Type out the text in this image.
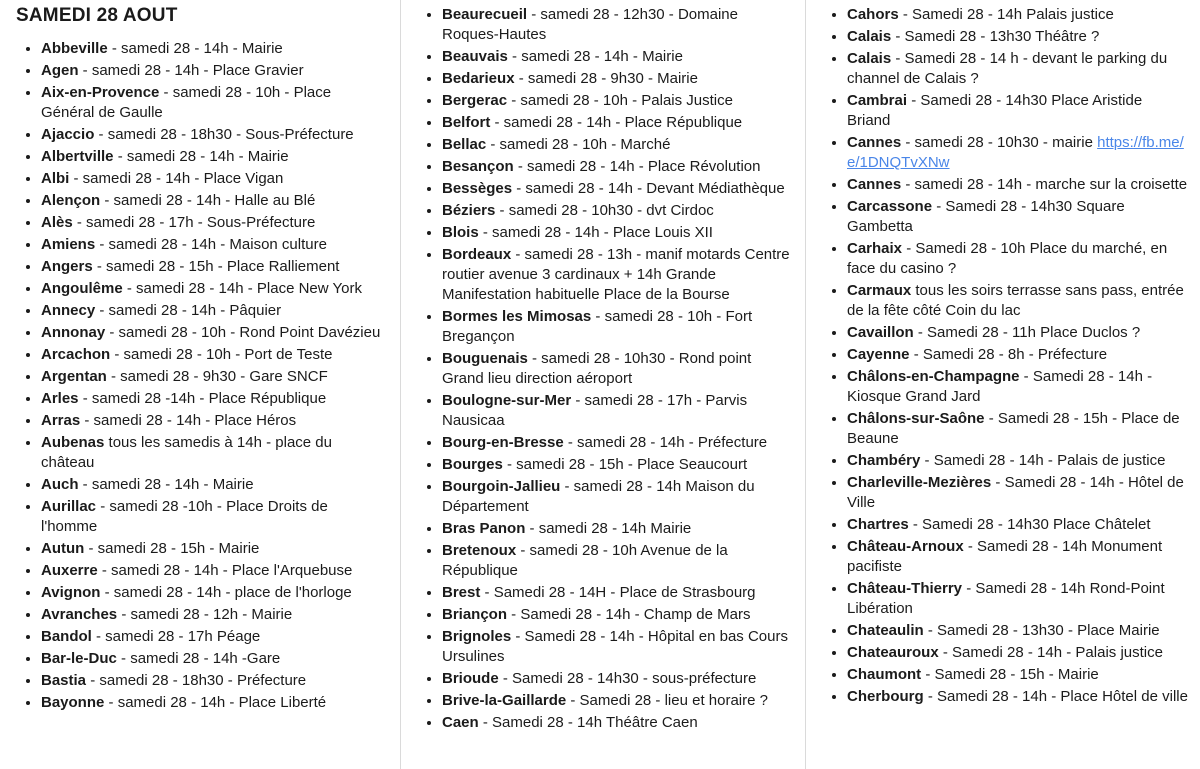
SAMEDI 28 AOUT
• Abbeville - samedi 28 - 14h - Mairie
• Agen - samedi 28 - 14h - Place Gravier
• Aix-en-Provence - samedi 28 - 10h - Place Général de Gaulle
• Ajaccio - samedi 28 - 18h30 - Sous-Préfecture
• Albertville - samedi 28 - 14h - Mairie
• Albi - samedi 28 - 14h - Place Vigan
• Alençon - samedi 28 - 14h - Halle au Blé
• Alès - samedi 28 - 17h - Sous-Préfecture
• Amiens - samedi 28 - 14h - Maison culture
• Angers - samedi 28 - 15h - Place Ralliement
• Angoulême - samedi 28 - 14h - Place New York
• Annecy - samedi 28 - 14h - Pâquier
• Annonay - samedi 28 - 10h - Rond Point Davézieu
• Arcachon - samedi 28 - 10h - Port de Teste
• Argentan - samedi 28 - 9h30 - Gare SNCF
• Arles - samedi 28 -14h - Place République
• Arras - samedi 28 - 14h - Place Héros
• Aubenas tous les samedis à 14h - place du château
• Auch - samedi 28 - 14h - Mairie
• Aurillac - samedi 28 -10h - Place Droits de l'homme
• Autun - samedi 28 - 15h - Mairie
• Auxerre - samedi 28 - 14h - Place l'Arquebuse
• Avignon - samedi 28 - 14h - place de l'horloge
• Avranches - samedi 28 - 12h - Mairie
• Bandol - samedi 28 - 17h Péage
• Bar-le-Duc - samedi 28 - 14h -Gare
• Bastia - samedi 28 - 18h30 - Préfecture
• Bayonne - samedi 28 - 14h - Place Liberté
• Beaurecueil - samedi 28 - 12h30 - Domaine Roques-Hautes
• Beauvais - samedi 28 - 14h - Mairie
• Bedarieux - samedi 28 - 9h30 - Mairie
• Bergerac - samedi 28 - 10h - Palais Justice
• Belfort - samedi 28 - 14h - Place République
• Bellac - samedi 28 - 10h - Marché
• Besançon - samedi 28 - 14h - Place Révolution
• Bessèges - samedi 28 - 14h - Devant Médiathèque
• Béziers - samedi 28 - 10h30 - dvt Cirdoc
• Blois - samedi 28 - 14h - Place Louis XII
• Bordeaux - samedi 28 - 13h - manif motards Centre routier avenue 3 cardinaux + 14h Grande Manifestation habituelle Place de la Bourse
• Bormes les Mimosas - samedi 28 - 10h - Fort Bregançon
• Bouguenais - samedi 28 - 10h30 - Rond point Grand lieu direction aéroport
• Boulogne-sur-Mer - samedi 28 - 17h - Parvis Nausicaa
• Bourg-en-Bresse - samedi 28 - 14h - Préfecture
• Bourges - samedi 28 - 15h - Place Seaucourt
• Bourgoin-Jallieu - samedi 28 - 14h Maison du Département
• Bras Panon - samedi 28 - 14h Mairie
• Bretenoux - samedi 28 - 10h Avenue de la République
• Brest - Samedi 28 - 14H - Place de Strasbourg
• Briançon - Samedi 28 - 14h - Champ de Mars
• Brignoles - Samedi 28 - 14h - Hôpital en bas Cours Ursulines
• Brioude - Samedi 28 - 14h30 - sous-préfecture
• Brive-la-Gaillarde - Samedi 28 - lieu et horaire ?
• Caen - Samedi 28 - 14h Théâtre Caen
• Cahors - Samedi 28 - 14h Palais justice
• Calais - Samedi 28 - 13h30 Théâtre ?
• Calais - Samedi 28 - 14 h - devant le parking du channel de Calais ?
• Cambrai - Samedi 28 - 14h30 Place Aristide Briand
• Cannes - samedi 28 - 10h30 - mairie https://fb.me/e/1DNQTvXNw
• Cannes - samedi 28 - 14h - marche sur la croisette
• Carcassone - Samedi 28 - 14h30 Square Gambetta
• Carhaix - Samedi 28 - 10h Place du marché, en face du casino ?
• Carmaux tous les soirs terrasse sans pass, entrée de la fête côté Coin du lac
• Cavaillon - Samedi 28 - 11h Place Duclos ?
• Cayenne - Samedi 28 - 8h - Préfecture
• Châlons-en-Champagne - Samedi 28 - 14h - Kiosque Grand Jard
• Châlons-sur-Saône - Samedi 28 - 15h - Place de Beaune
• Chambéry - Samedi 28 - 14h - Palais de justice
• Charleville-Mezières - Samedi 28 - 14h - Hôtel de Ville
• Chartres - Samedi 28 - 14h30 Place Châtelet
• Château-Arnoux - Samedi 28 - 14h Monument pacifiste
• Château-Thierry - Samedi 28 - 14h Rond-Point Libération
• Chateaulin - Samedi 28 - 13h30 - Place Mairie
• Chateauroux - Samedi 28 - 14h - Palais justice
• Chaumont - Samedi 28 - 15h - Mairie
• Cherbourg - Samedi 28 - 14h - Place Hôtel de ville
